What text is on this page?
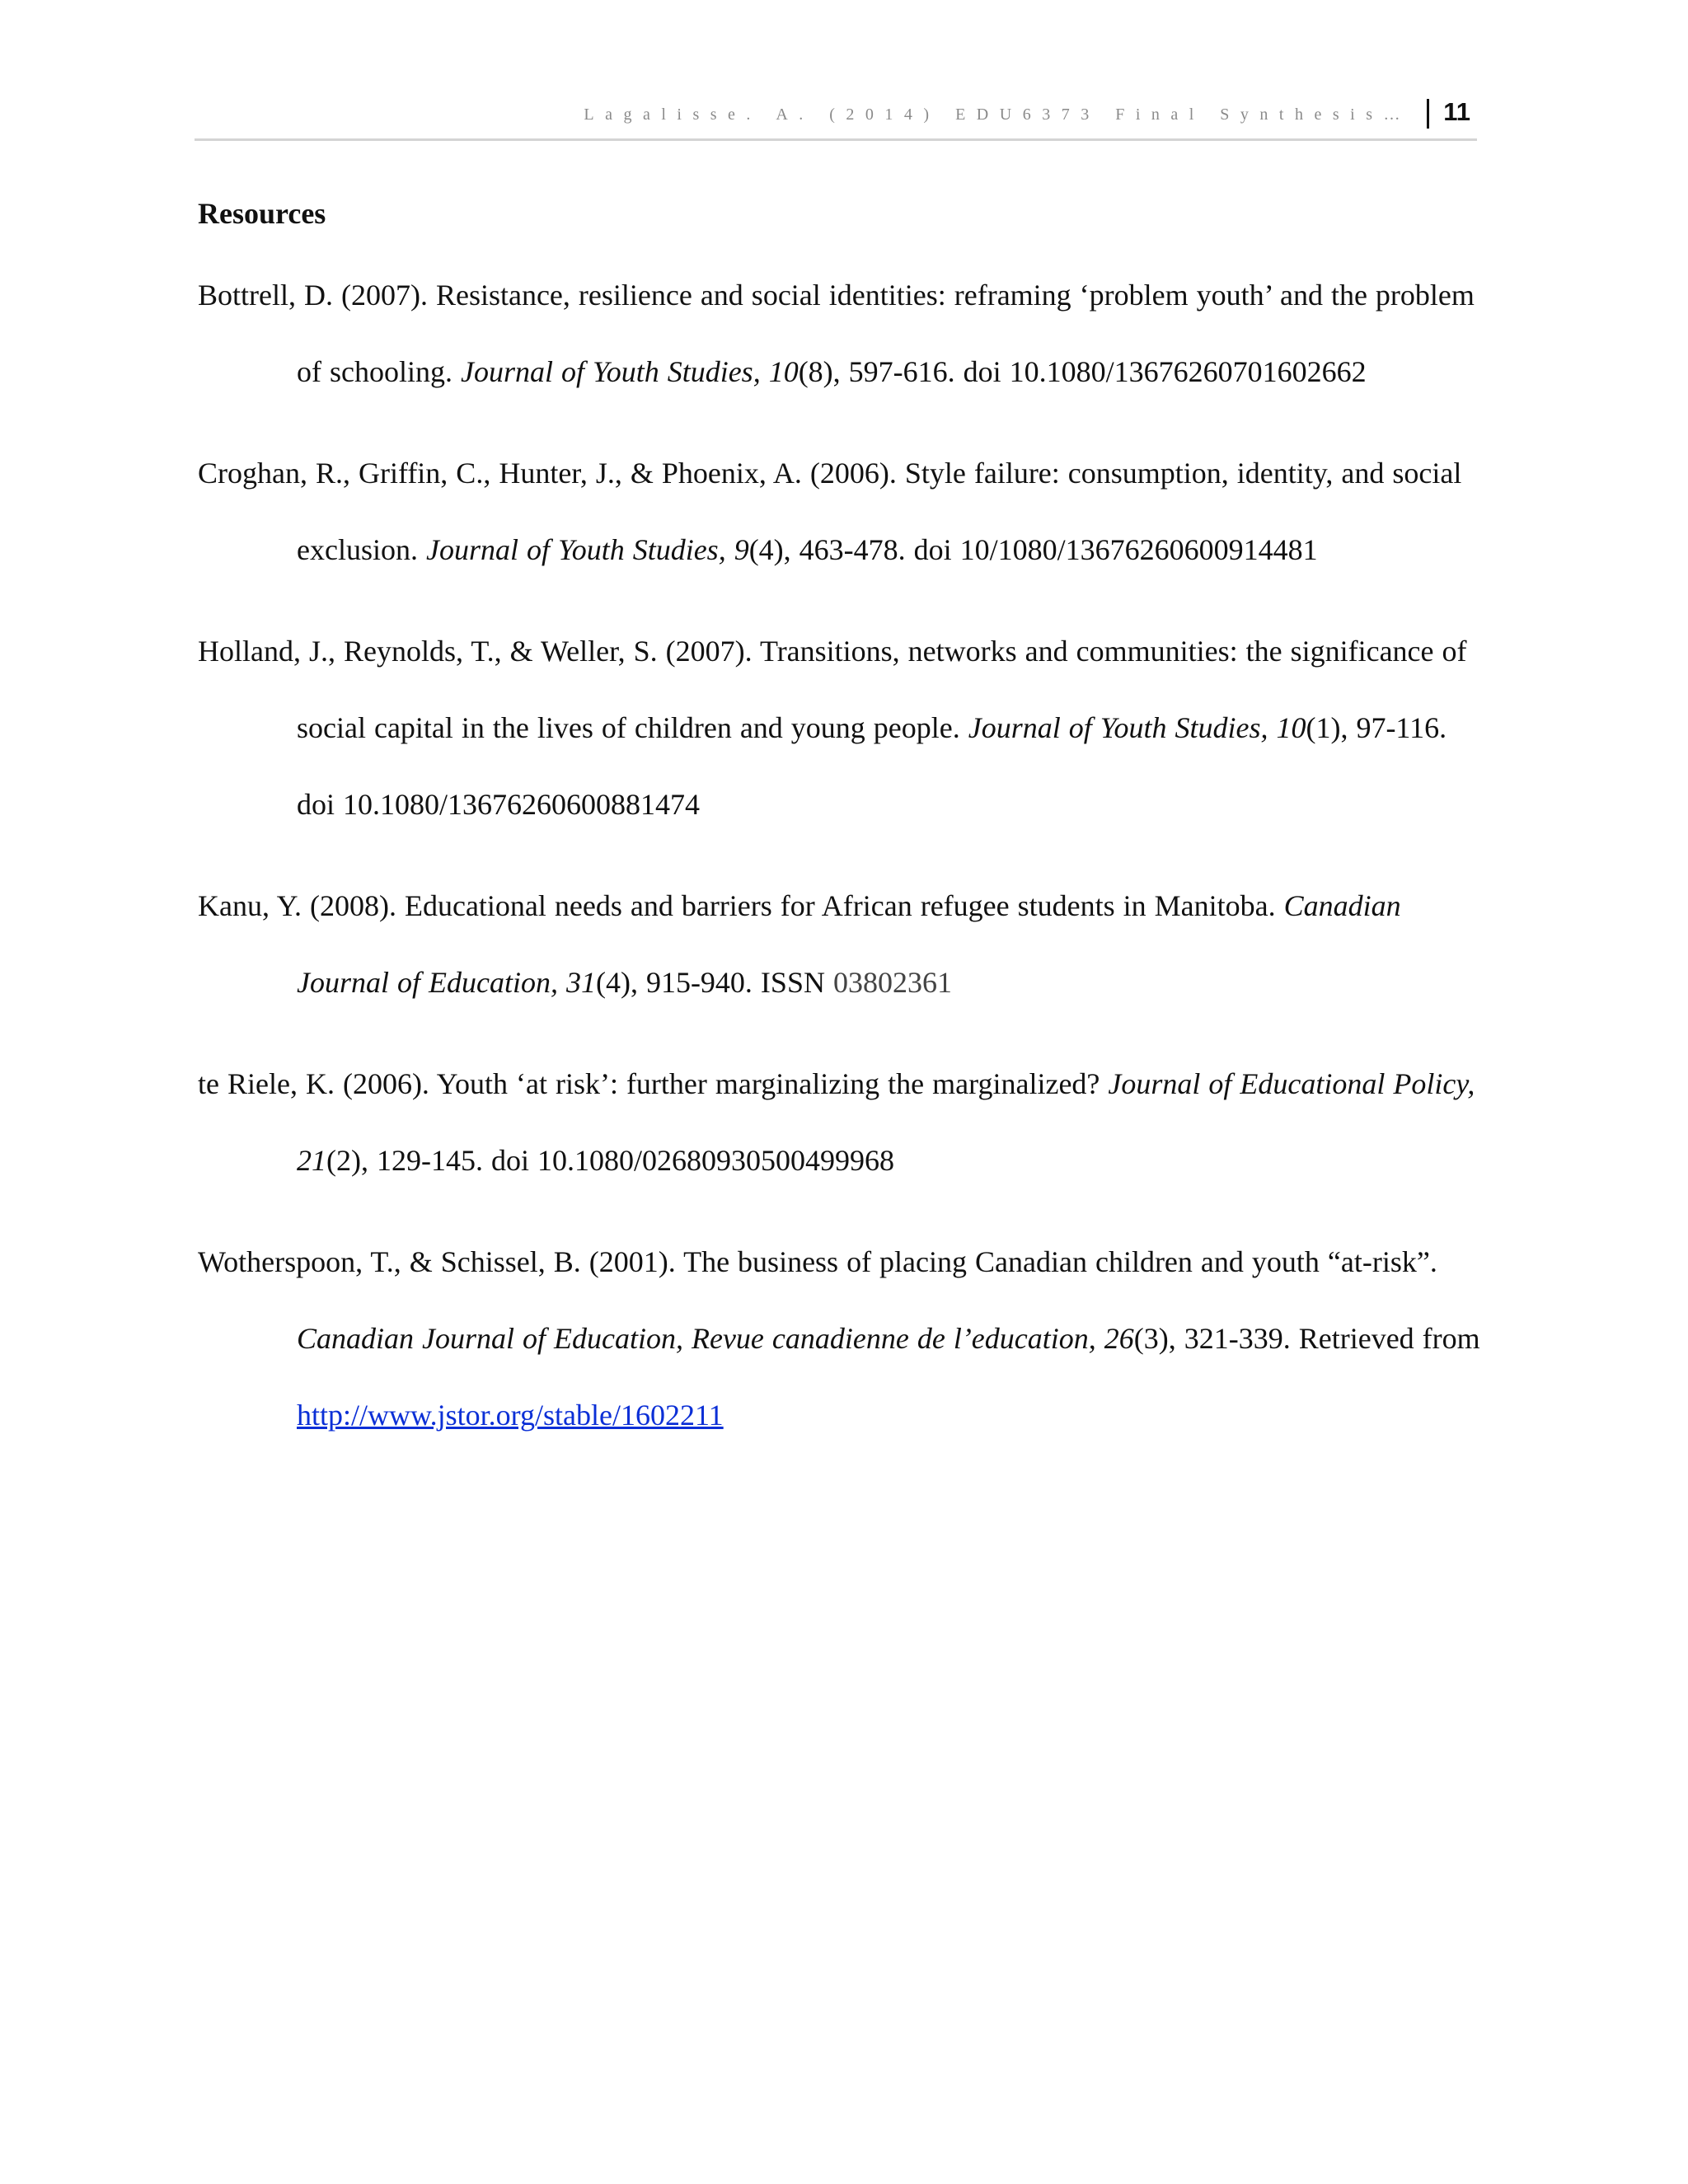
Lagalisse. A. (2014) EDU6373 Final Synthesis… 11
Resources

Bottrell, D. (2007). Resistance, resilience and social identities: reframing ‘problem youth’ and the problem of schooling. Journal of Youth Studies, 10(8), 597-616. doi 10.1080/13676260701602662

Croghan, R., Griffin, C., Hunter, J., & Phoenix, A. (2006). Style failure: consumption, identity, and social exclusion. Journal of Youth Studies, 9(4), 463-478. doi 10/1080/13676260600914481

Holland, J., Reynolds, T., & Weller, S. (2007). Transitions, networks and communities: the significance of social capital in the lives of children and young people. Journal of Youth Studies, 10(1), 97-116. doi 10.1080/13676260600881474

Kanu, Y. (2008). Educational needs and barriers for African refugee students in Manitoba. Canadian Journal of Education, 31(4), 915-940. ISSN 03802361

te Riele, K. (2006). Youth ‘at risk’: further marginalizing the marginalized? Journal of Educational Policy, 21(2), 129-145. doi 10.1080/02680930500499968

Wotherspoon, T., & Schissel, B. (2001). The business of placing Canadian children and youth “at-risk”. Canadian Journal of Education, Revue canadienne de l’education, 26(3), 321-339. Retrieved from http://www.jstor.org/stable/1602211
